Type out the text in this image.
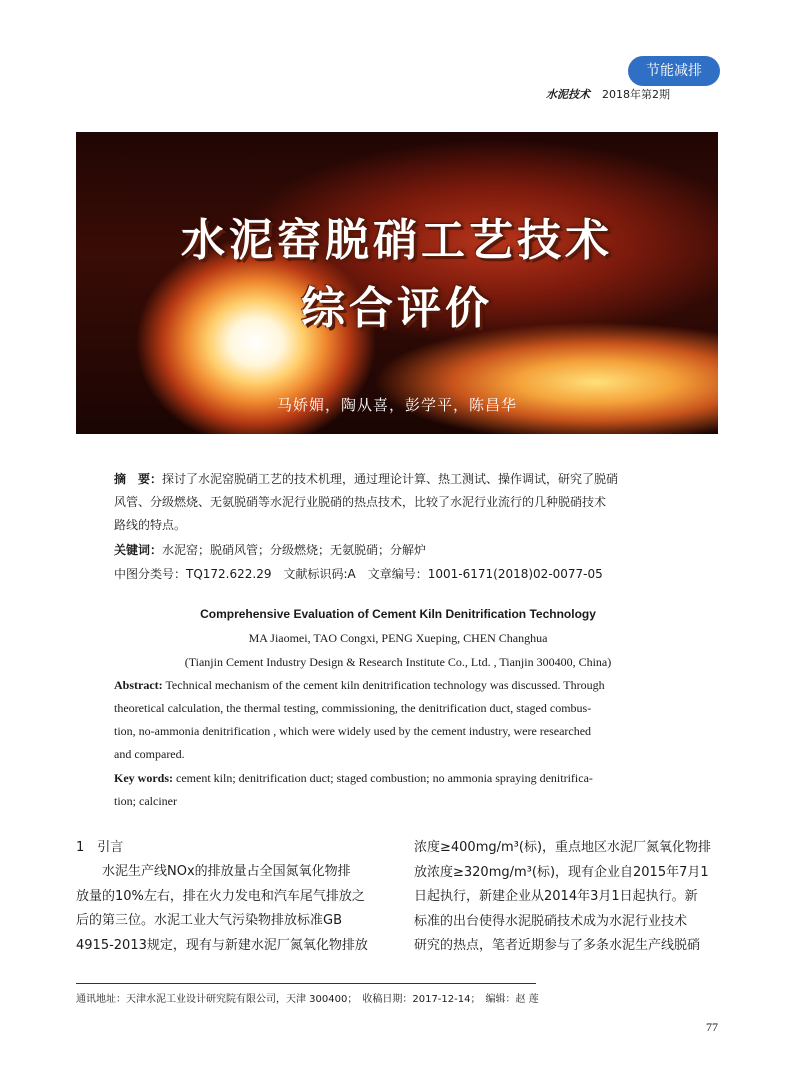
节能减排
水泥技术 2018年第2期
水泥窑脱硝工艺技术
综合评价
马娇媚，陶从喜，彭学平，陈昌华
摘　要：探讨了水泥窑脱硝工艺的技术机理，通过理论计算、热工测试、操作调试，研究了脱硝
风管、分级燃烧、无氨脱硝等水泥行业脱硝的热点技术，比较了水泥行业流行的几种脱硝技术
路线的特点。
关键词：水泥窑；脱硝风管；分级燃烧；无氨脱硝；分解炉
中图分类号：TQ172.622.29　文献标识码:A　文章编号：1001-6171(2018)02-0077-05
Comprehensive Evaluation of Cement Kiln Denitrification Technology
MA Jiaomei, TAO Congxi, PENG Xueping, CHEN Changhua
(Tianjin Cement Industry Design & Research Institute Co., Ltd. , Tianjin 300400, China)
Abstract: Technical mechanism of the cement kiln denitrification technology was discussed. Through
theoretical calculation, the thermal testing, commissioning, the denitrification duct, staged combus-
tion, no-ammonia denitrification , which were widely used by the cement industry, were researched
and compared.
Key words: cement kiln; denitrification duct; staged combustion; no ammonia spraying denitrifica-
tion; calciner
1　引言

　　水泥生产线NOx的排放量占全国氮氧化物排

放量的10%左右，排在火力发电和汽车尾气排放之

后的第三位。水泥工业大气污染物排放标准GB

4915-2013规定，现有与新建水泥厂氮氧化物排放

浓度≥400mg/m³(标)，重点地区水泥厂氮氧化物排

放浓度≥320mg/m³(标)，现有企业自2015年7月1

日起执行，新建企业从2014年3月1日起执行。新

标准的出台使得水泥脱硝技术成为水泥行业技术

研究的热点，笔者近期参与了多条水泥生产线脱硝

通讯地址：天津水泥工业设计研究院有限公司，天津 300400；　收稿日期：2017-12-14；　编辑：赵 莲
77
